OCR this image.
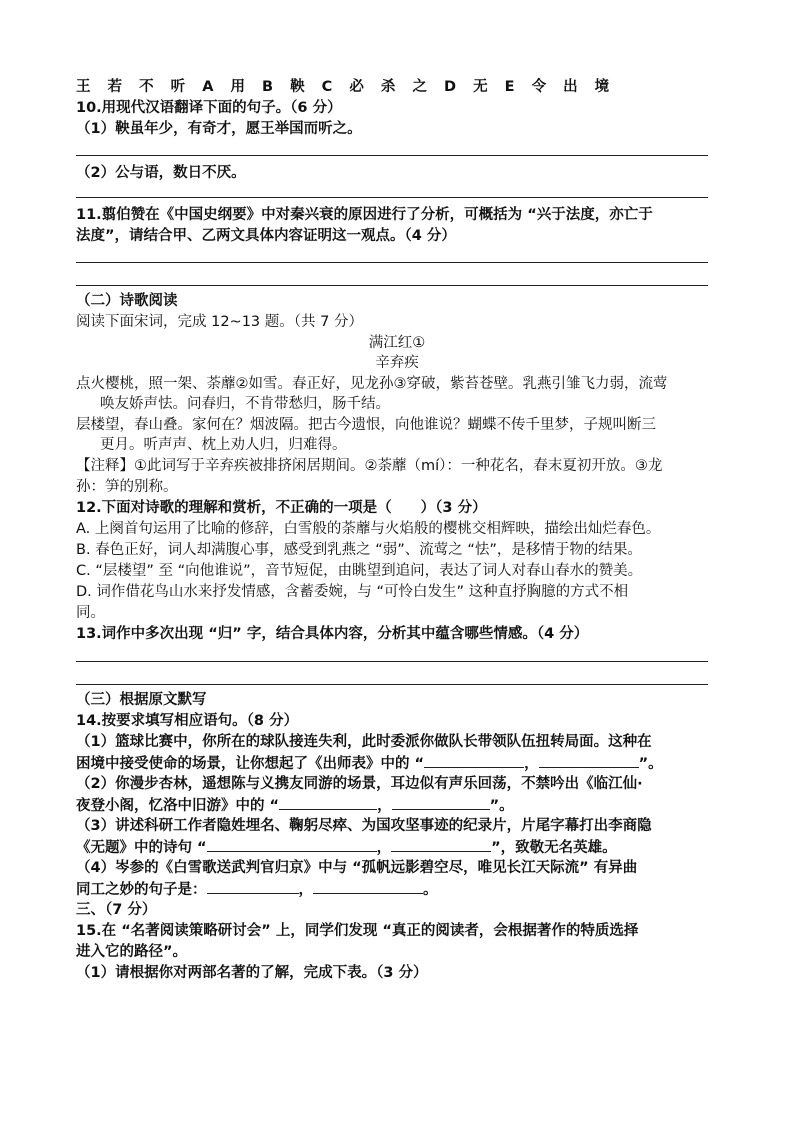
王 若 不 听 A 用 B 鞅 C 必 杀 之 D 无 E 令 出 境
10.用现代汉语翻译下面的句子。（6 分）
（1）鞅虽年少，有奇才，愿王举国而听之。
（2）公与语，数日不厌。
11.翦伯赞在《中国史纲要》中对秦兴衰的原因进行了分析，可概括为 “兴于法度，亦亡于
法度”，请结合甲、乙两文具体内容证明这一观点。（4 分）
（二）诗歌阅读
阅读下面宋词，完成 12~13 题。（共 7 分）
满江红①
辛弃疾
点火樱桃，照一架、荼蘼②如雪。春正好，见龙孙③穿破，紫苔苍壁。乳燕引雏飞力弱，流莺
唤友娇声怯。问春归，不肯带愁归，肠千结。
层楼望，春山叠。家何在？烟波隔。把古今遗恨，向他谁说？蝴蝶不传千里梦，子规叫断三
更月。听声声、枕上劝人归，归难得。
【注释】①此词写于辛弃疾被排挤闲居期间。②荼蘼（mí）：一种花名，春末夏初开放。③龙
孙：笋的别称。
12.下面对诗歌的理解和赏析，不正确的一项是（　　）（3 分）
A. 上阕首句运用了比喻的修辞，白雪般的荼蘼与火焰般的樱桃交相辉映，描绘出灿烂春色。
B. 春色正好，词人却满腹心事，感受到乳燕之 “弱”、流莺之 “怯”，是移情于物的结果。
C. “层楼望” 至 “向他谁说”，音节短促，由眺望到追问，表达了词人对春山春水的赞美。
D. 词作借花鸟山水来抒发情感，含蓄委婉，与 “可怜白发生” 这种直抒胸臆的方式不相
同。
13.词作中多次出现 “归” 字，结合具体内容，分析其中蕴含哪些情感。（4 分）
（三）根据原文默写
14.按要求填写相应语句。（8 分）
（1）篮球比赛中，你所在的球队接连失利，此时委派你做队长带领队伍扭转局面。这种在
困境中接受使命的场景，让你想起了《出师表》中的 “	，	”。
（2）你漫步杏林，遥想陈与义携友同游的场景，耳边似有声乐回荡，不禁吟出《临江仙·
夜登小阁，忆洛中旧游》中的 “	，	”。
（3）讲述科研工作者隐姓埋名、鞠躬尽瘁、为国攻坚事迹的纪录片，片尾字幕打出李商隐
《无题》中的诗句 “	，	”，致敬无名英雄。
（4）岑参的《白雪歌送武判官归京》中与 “孤帆远影碧空尽，唯见长江天际流” 有异曲
同工之妙的句子是：	，	。
三、（7 分）
15.在 “名著阅读策略研讨会” 上，同学们发现 “真正的阅读者，会根据著作的特质选择
进入它的路径”。
（1）请根据你对两部名著的了解，完成下表。（3 分）
